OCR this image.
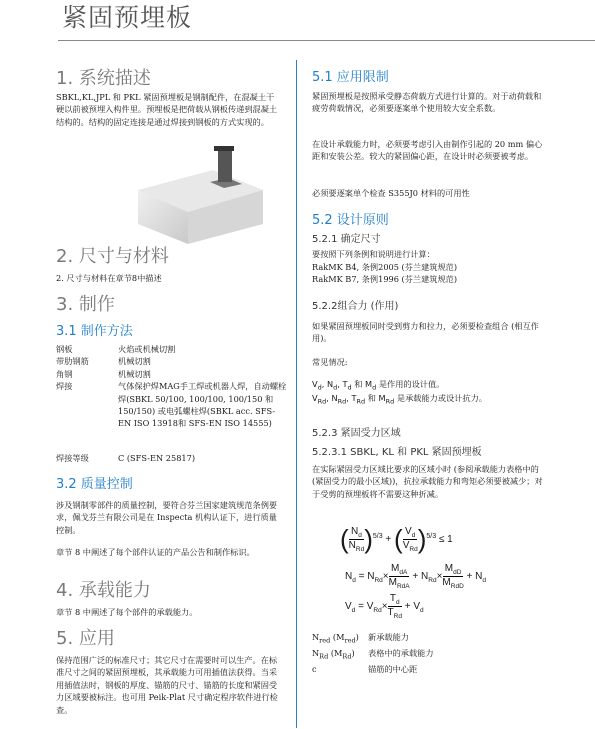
紧固预埋板
1. 系统描述

SBKL,KL,JPL 和 PKL 紧固预埋板是钢制配件，在混凝土干硬以前被预埋入构件里。预埋板是把荷载从钢板传递到混凝土结构的。结构的固定连接是通过焊接到钢板的方式实现的。

2. 尺寸与材料

2. 尺寸与材料在章节8中描述

3. 制作
3.1 制作方法
钢板	火焰或机械切割
带肋钢筋	机械切割
角钢	机械切割
焊接	气体保护焊MAG手工焊或机器人焊，自动螺栓焊(SBKL 50/100, 100/100, 100/150 和150/150) 或电弧螺柱焊(SBKL acc. SFS-EN ISO 13918和 SFS-EN ISO 14555)
焊接等级	C (SFS-EN 25817)
3.2 质量控制

涉及钢制零部件的质量控制，要符合芬兰国家建筑规范条例要求，佩戈芬兰有限公司是在 Inspecta 机构认证下，进行质量控制。

章节 8 中阐述了每个部件认证的产品公告和制作标识。

4. 承载能力

章节 8 中阐述了每个部件的承载能力。

5. 应用

保持范围广泛的标准尺寸；其它尺寸在需要时可以生产。在标准尺寸之间的紧固预埋板，其承载能力可用插值法获得。当采用插值法时，钢板的厚度、锚筋的尺寸、锚筋的长度和紧固受力区域要被标注。也可用 Peik-Plat 尺寸确定程序软件进行检查。

5.1 应用限制

紧固预埋板是按照承受静态荷载方式进行计算的。对于动荷载和疲劳荷载情况，必须要逐案单个使用较大安全系数。

在设计承载能力时，必须要考虑引入由制作引起的 20 mm 偏心距和安装公差。较大的紧固偏心距，在设计时必须要被考虑。

必须要逐案单个检查 S355J0 材料的可用性

5.2 设计原则
5.2.1 确定尺寸

要按照下列条例和说明进行计算：

RakMK B4, 条例2005 (芬兰建筑规范)

RakMK B7, 条例1996 (芬兰建筑规范)

5.2.2组合力 (作用)

如果紧固预埋板同时受到剪力和拉力，必须要检查组合 (相互作用)。

常见情况:

$V_d$, $N_d$, $T_d$ 和 $M_d$ 是作用的设计值。

$V_{Rd}$, $N_{Rd}$, $T_{Rd}$ 和 $M_{Rd}$ 是承载能力或设计抗力。

5.2.3 紧固受力区域
5.2.3.1 SBKL, KL 和 PKL 紧固预埋板

在实际紧固受力区域比要求的区域小时 (参阅承载能力表格中的 (紧固受力的最小区域))，抗拉承载能力和弯矩必须要被减少；对于受剪的预埋板将不需要这种折减。

( $\frac{N_d}{N_{Rd}} )^{5/3}$ + ( $\frac{V_d}{V_{Rd}} )^{5/3} \le 1$
$N_d = N_{Rd}\times \frac{M_{dA}}{M_{RdA}} + N_{Rd}\times \frac{M_{dD}}{M_{RdD}} + N_d$
$V_d = V_{Rd}\times \frac{T_d}{T_{Rd}} + V_d$
$N_{red}$ $(M_{red})$	新承载能力
$N_{Rd}$ $(M_{Rd})$	表格中的承载能力
c	锚筋的中心距
